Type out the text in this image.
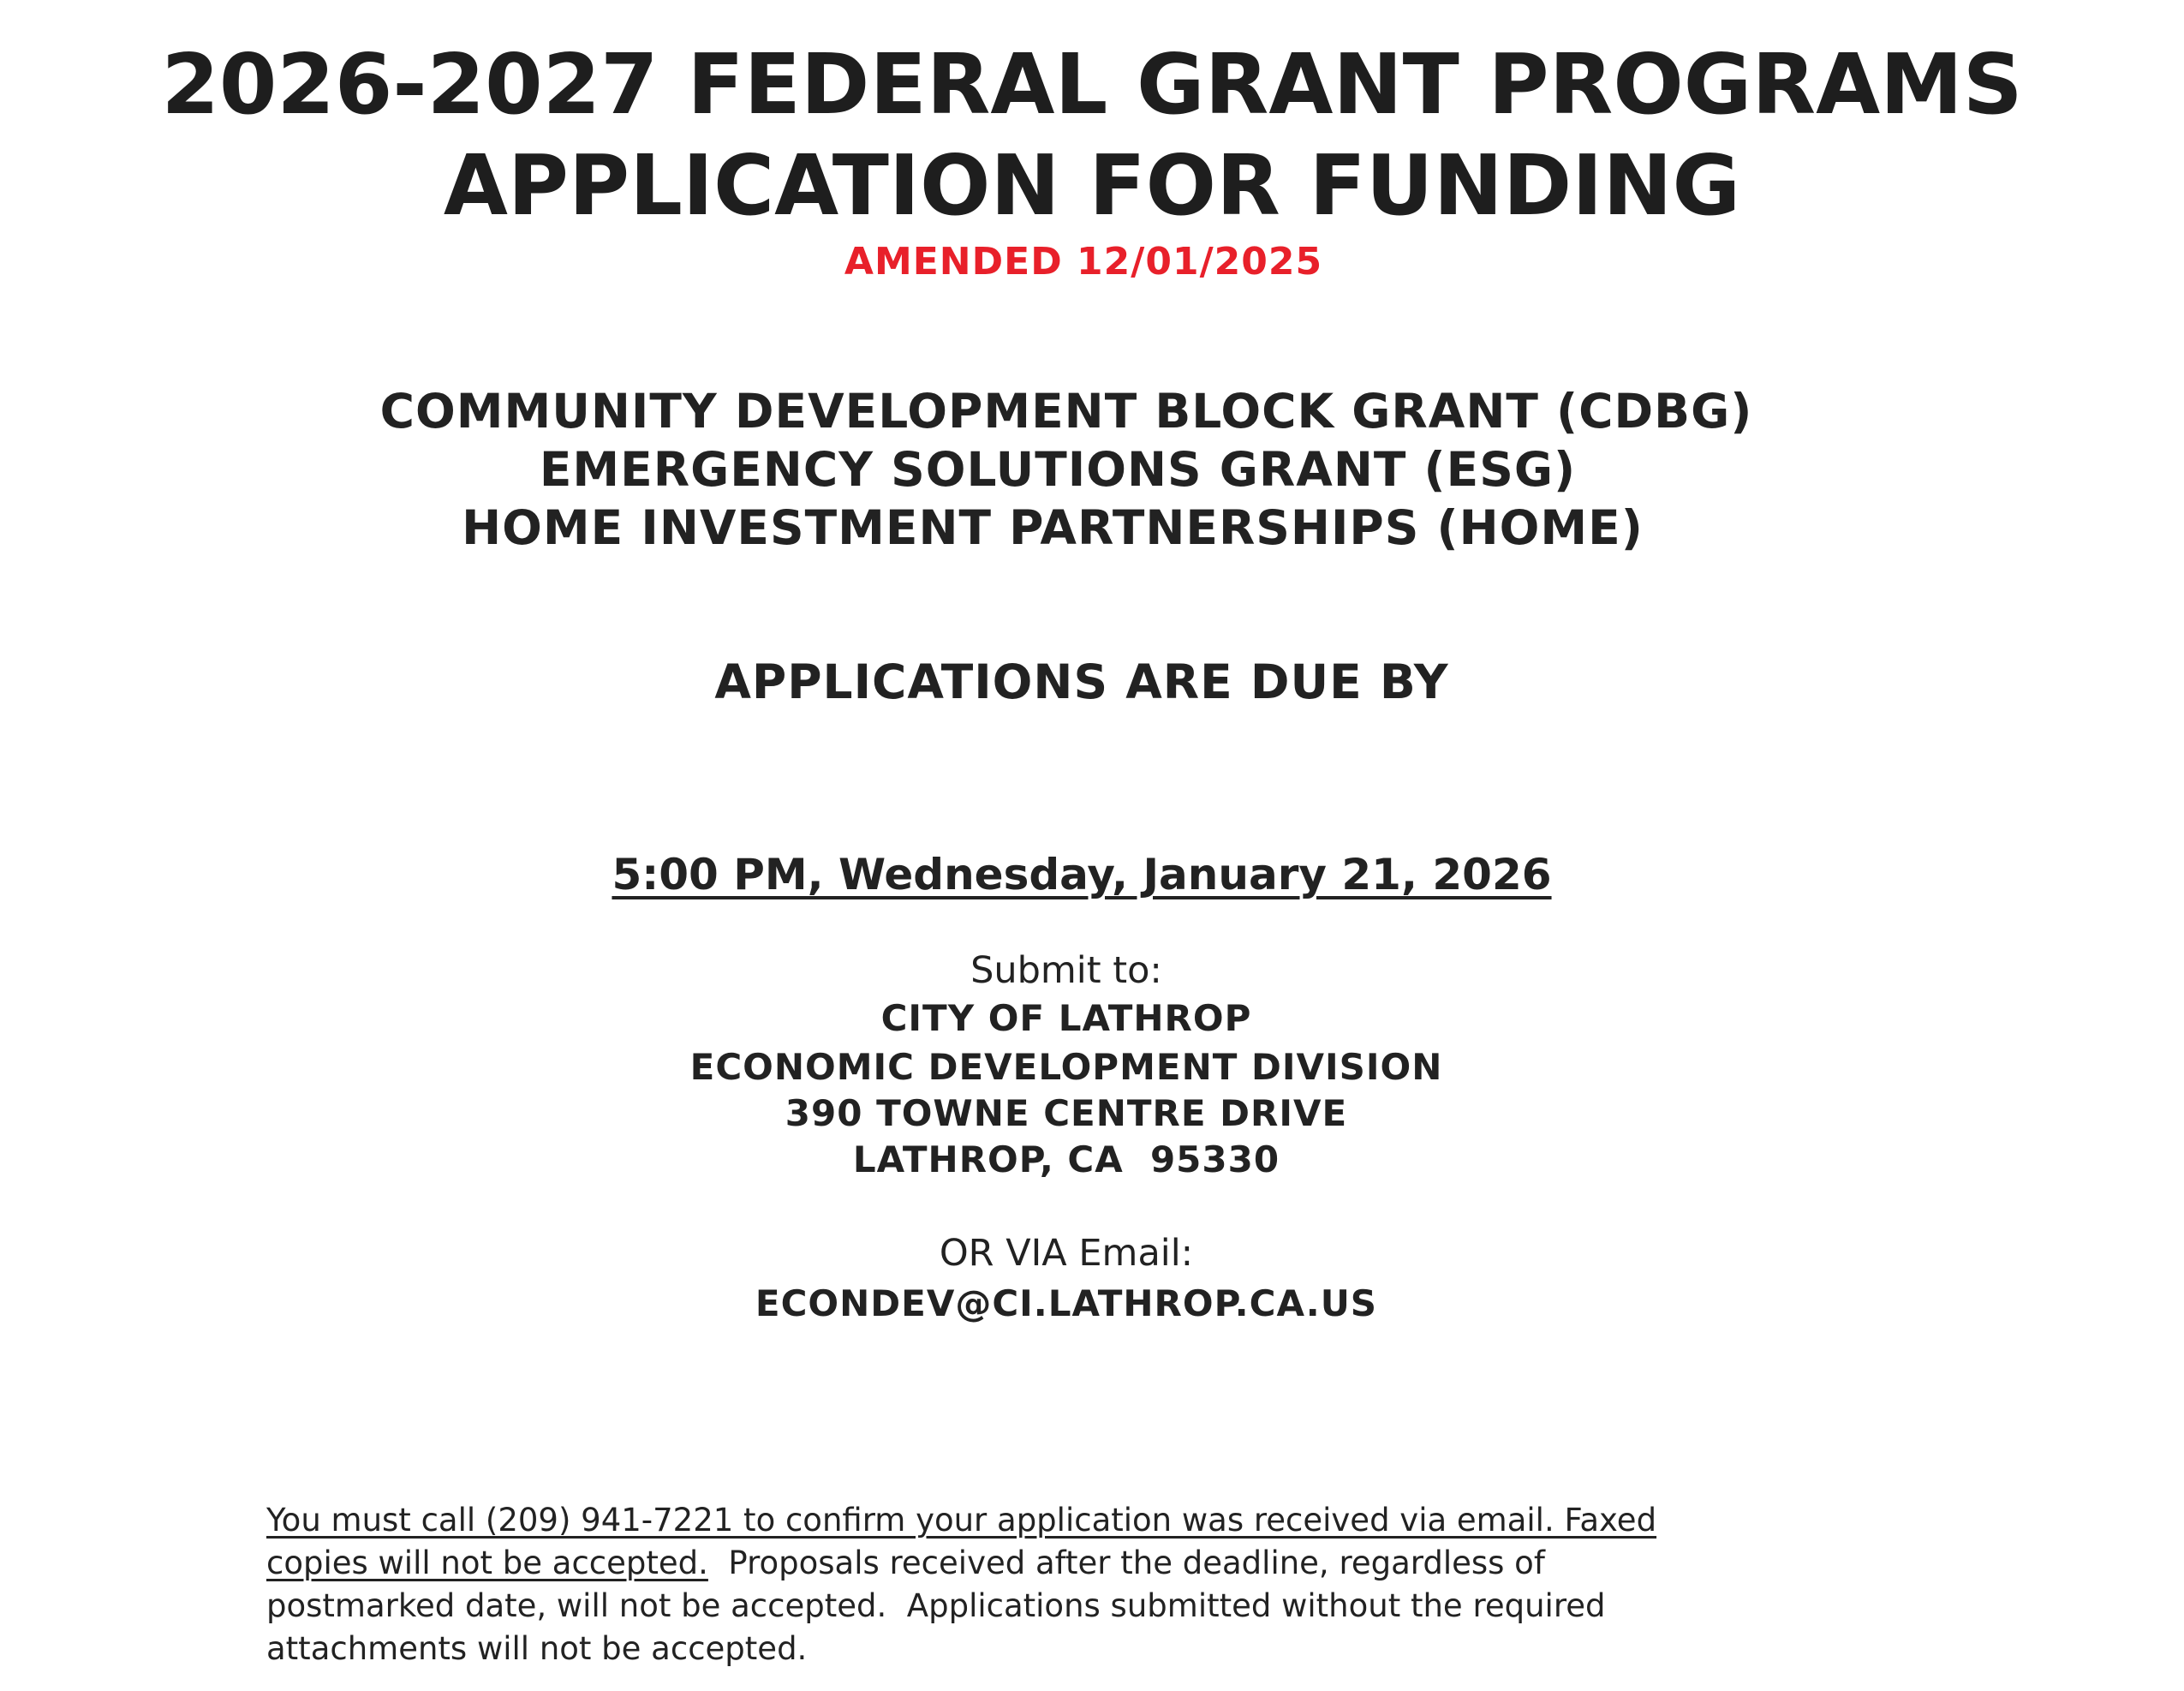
2026-2027 FEDERAL GRANT PROGRAMS
APPLICATION FOR FUNDING
AMENDED 12/01/2025
COMMUNITY DEVELOPMENT BLOCK GRANT (CDBG)
EMERGENCY SOLUTIONS GRANT (ESG)
HOME INVESTMENT PARTNERSHIPS (HOME)
APPLICATIONS ARE DUE BY
5:00 PM, Wednesday, January 21, 2026
Submit to:
CITY OF LATHROP
ECONOMIC DEVELOPMENT DIVISION
390 TOWNE CENTRE DRIVE
LATHROP, CA  95330
OR VIA Email:
ECONDEV@CI.LATHROP.CA.US
You must call (209) 941-7221 to confirm your application was received via email. Faxed
copies will not be accepted.  Proposals received after the deadline, regardless of
postmarked date, will not be accepted.  Applications submitted without the required
attachments will not be accepted.
